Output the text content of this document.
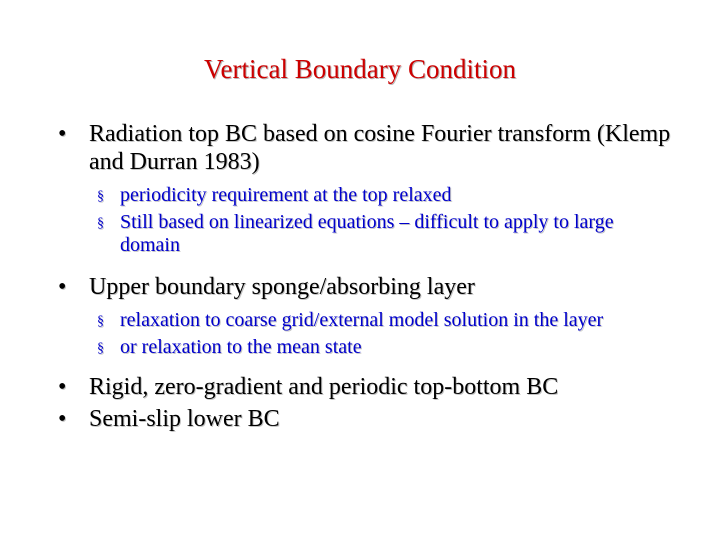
Vertical Boundary Condition
• Radiation top BC based on cosine Fourier transform (Klemp and Durran 1983)
§ periodicity requirement at the top relaxed
§ Still based on linearized equations – difficult to apply to large domain
• Upper boundary sponge/absorbing layer
§ relaxation to coarse grid/external model solution in the layer
§ or relaxation to the mean state
• Rigid, zero-gradient and periodic top-bottom BC
• Semi-slip lower BC
